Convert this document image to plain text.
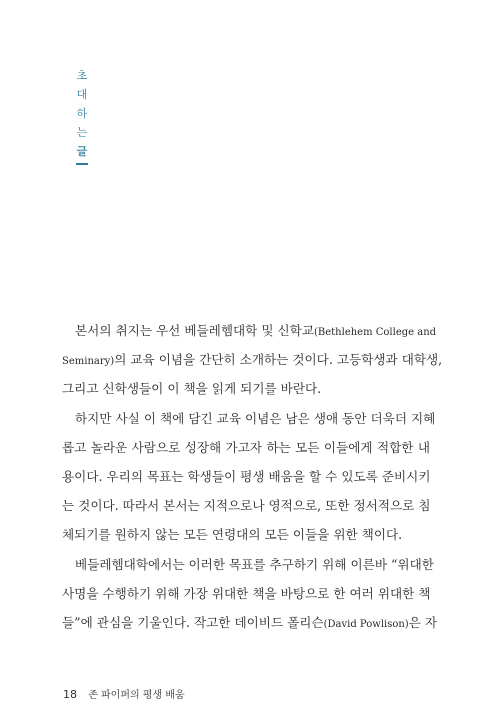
초
대
하
는
글
본서의 취지는 우선 베들레헴대학 및 신학교(Bethlehem College and
Seminary)의 교육 이념을 간단히 소개하는 것이다. 고등학생과 대학생,
그리고 신학생들이 이 책을 읽게 되기를 바란다.
하지만 사실 이 책에 담긴 교육 이념은 남은 생애 동안 더욱더 지혜
롭고 놀라운 사람으로 성장해 가고자 하는 모든 이들에게 적합한 내
용이다. 우리의 목표는 학생들이 평생 배움을 할 수 있도록 준비시키
는 것이다. 따라서 본서는 지적으로나 영적으로, 또한 정서적으로 침
체되기를 원하지 않는 모든 연령대의 모든 이들을 위한 책이다.
베들레헴대학에서는 이러한 목표를 추구하기 위해 이른바 “위대한
사명을 수행하기 위해 가장 위대한 책을 바탕으로 한 여러 위대한 책
들”에 관심을 기울인다. 작고한 데이비드 폴리슨(David Powlison)은 자
18 존 파이퍼의 평생 배움
